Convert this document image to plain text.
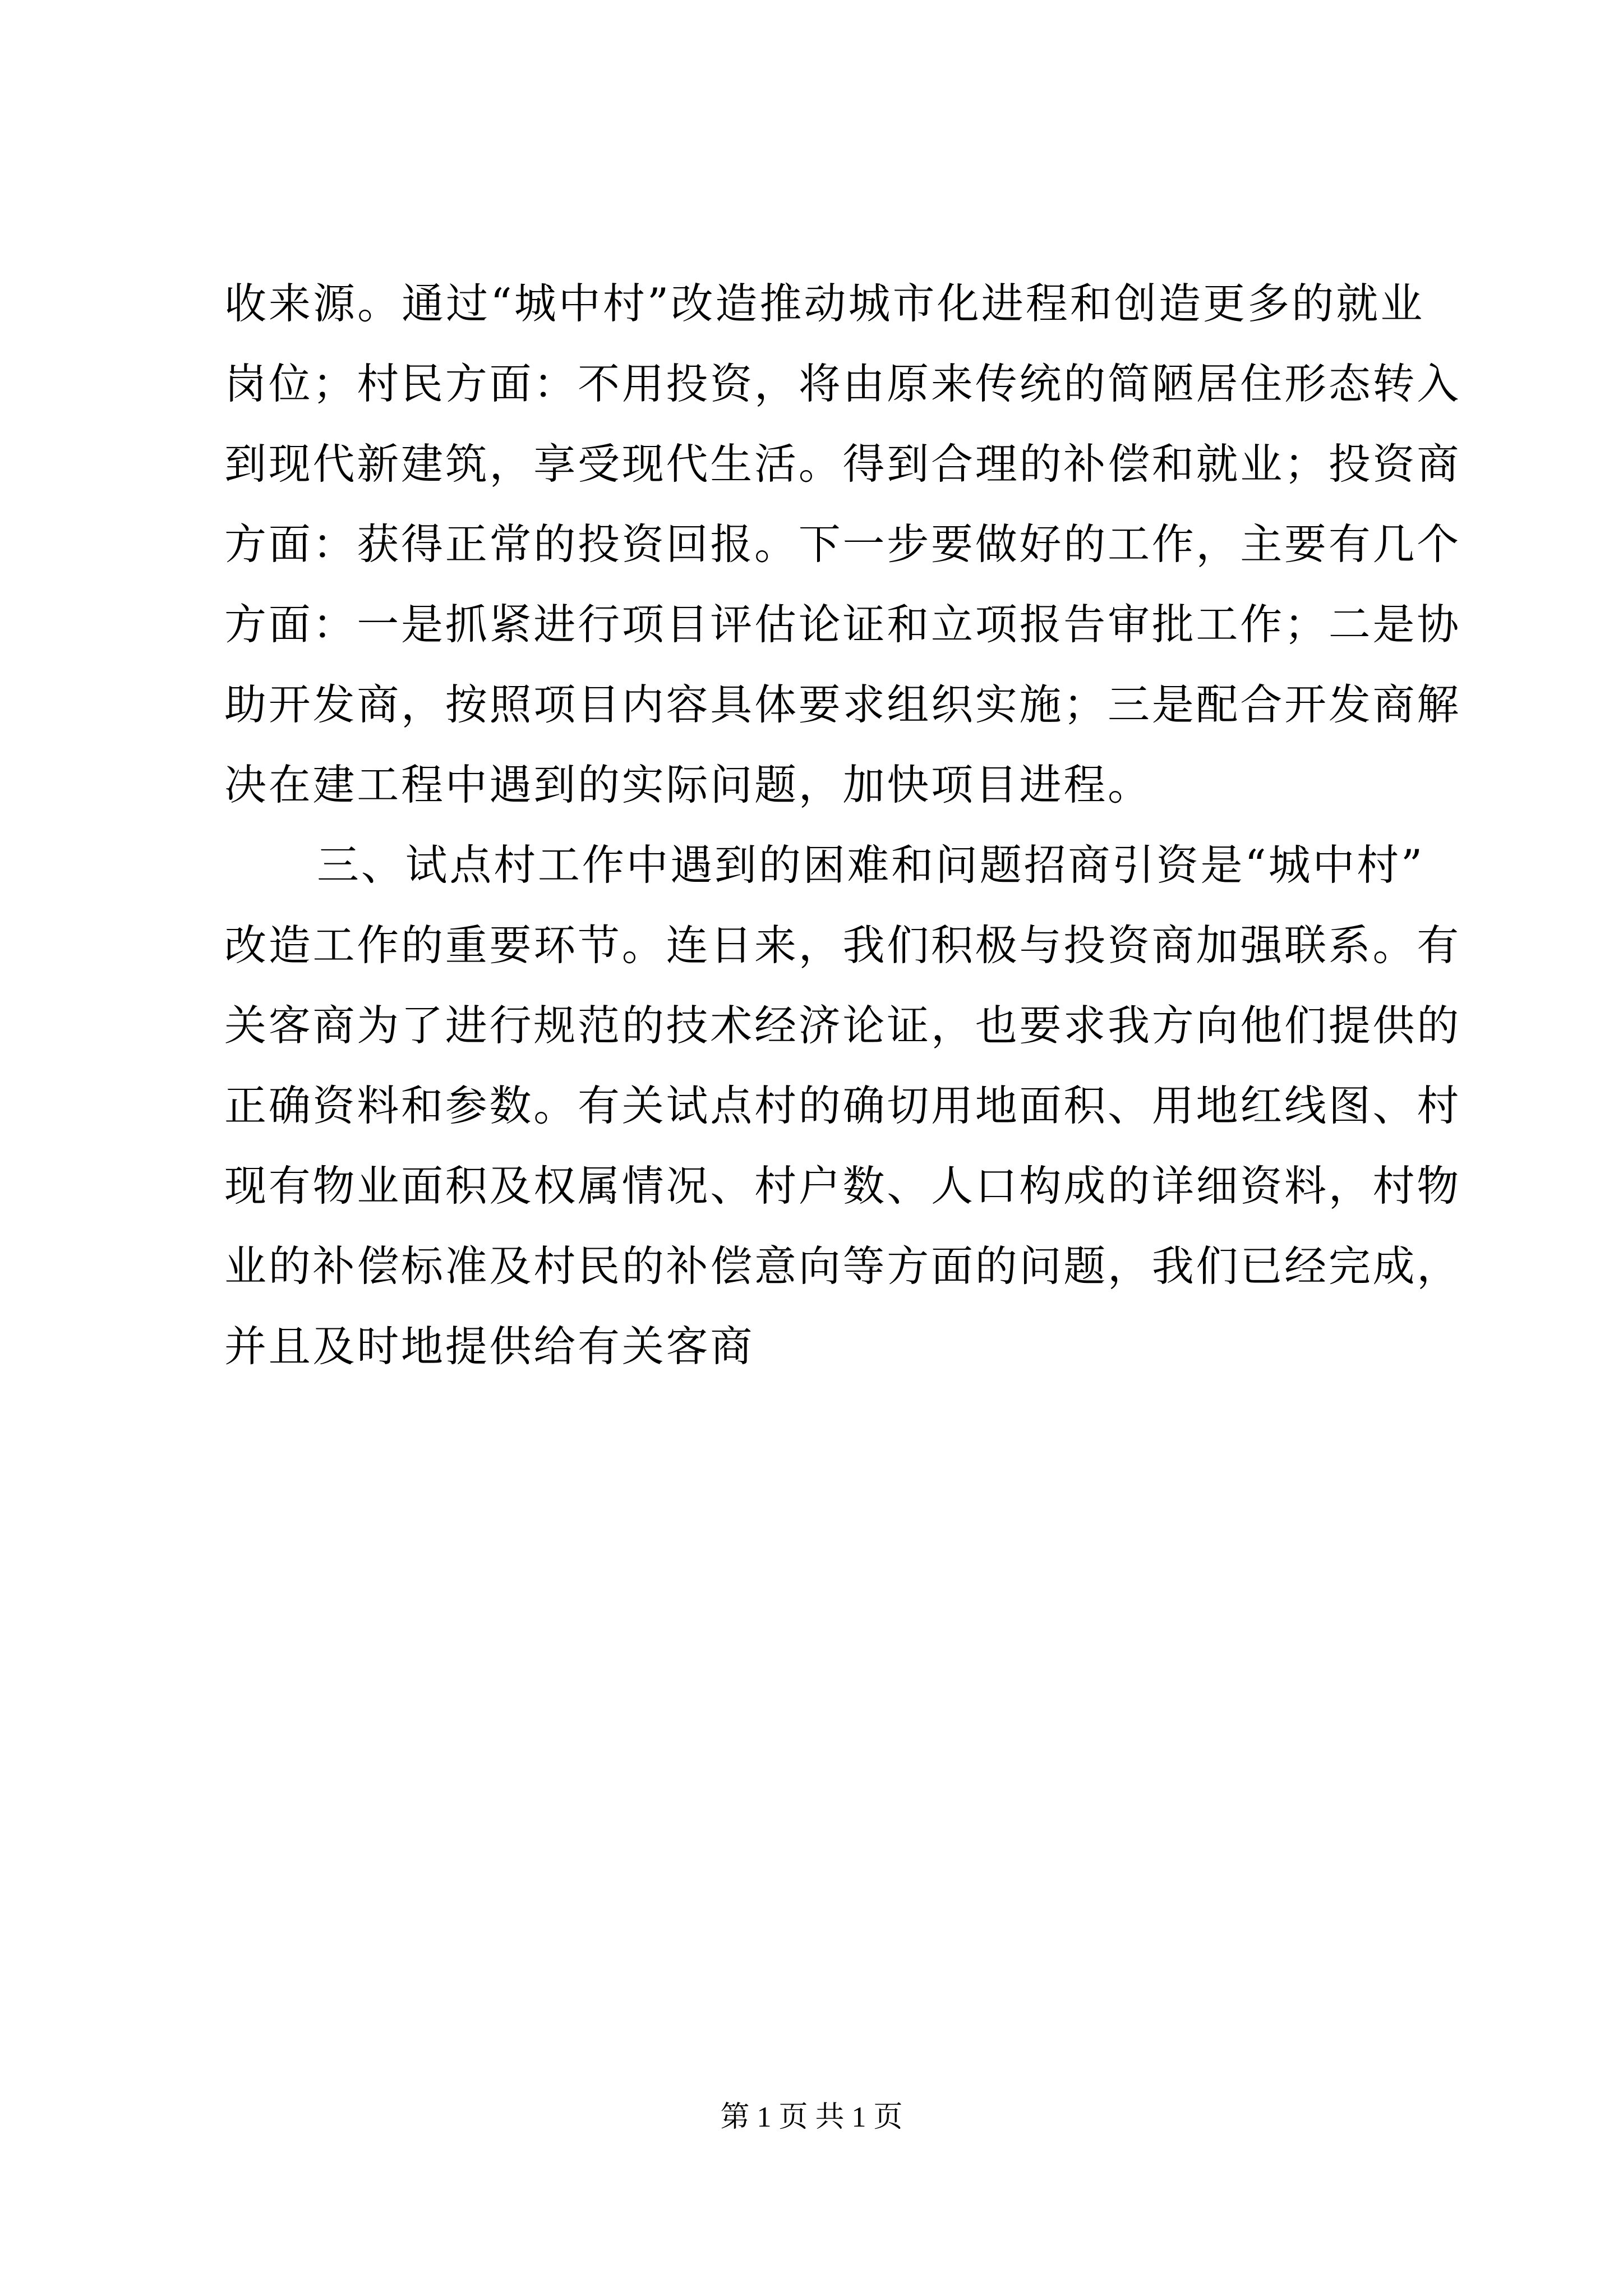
收来源。通过“城中村”改造推动城市化进程和创造更多的就业
岗位；村民方面：不用投资，将由原来传统的简陋居住形态转入
到现代新建筑，享受现代生活。得到合理的补偿和就业；投资商
方面：获得正常的投资回报。下一步要做好的工作，主要有几个
方面：一是抓紧进行项目评估论证和立项报告审批工作；二是协
助开发商，按照项目内容具体要求组织实施；三是配合开发商解
决在建工程中遇到的实际问题，加快项目进程。
三、试点村工作中遇到的困难和问题招商引资是“城中村”
改造工作的重要环节。连日来，我们积极与投资商加强联系。有
关客商为了进行规范的技术经济论证，也要求我方向他们提供的
正确资料和参数。有关试点村的确切用地面积、用地红线图、村
现有物业面积及权属情况、村户数、人口构成的详细资料，村物
业的补偿标准及村民的补偿意向等方面的问题，我们已经完成，
并且及时地提供给有关客商
第 1 页 共 1 页
